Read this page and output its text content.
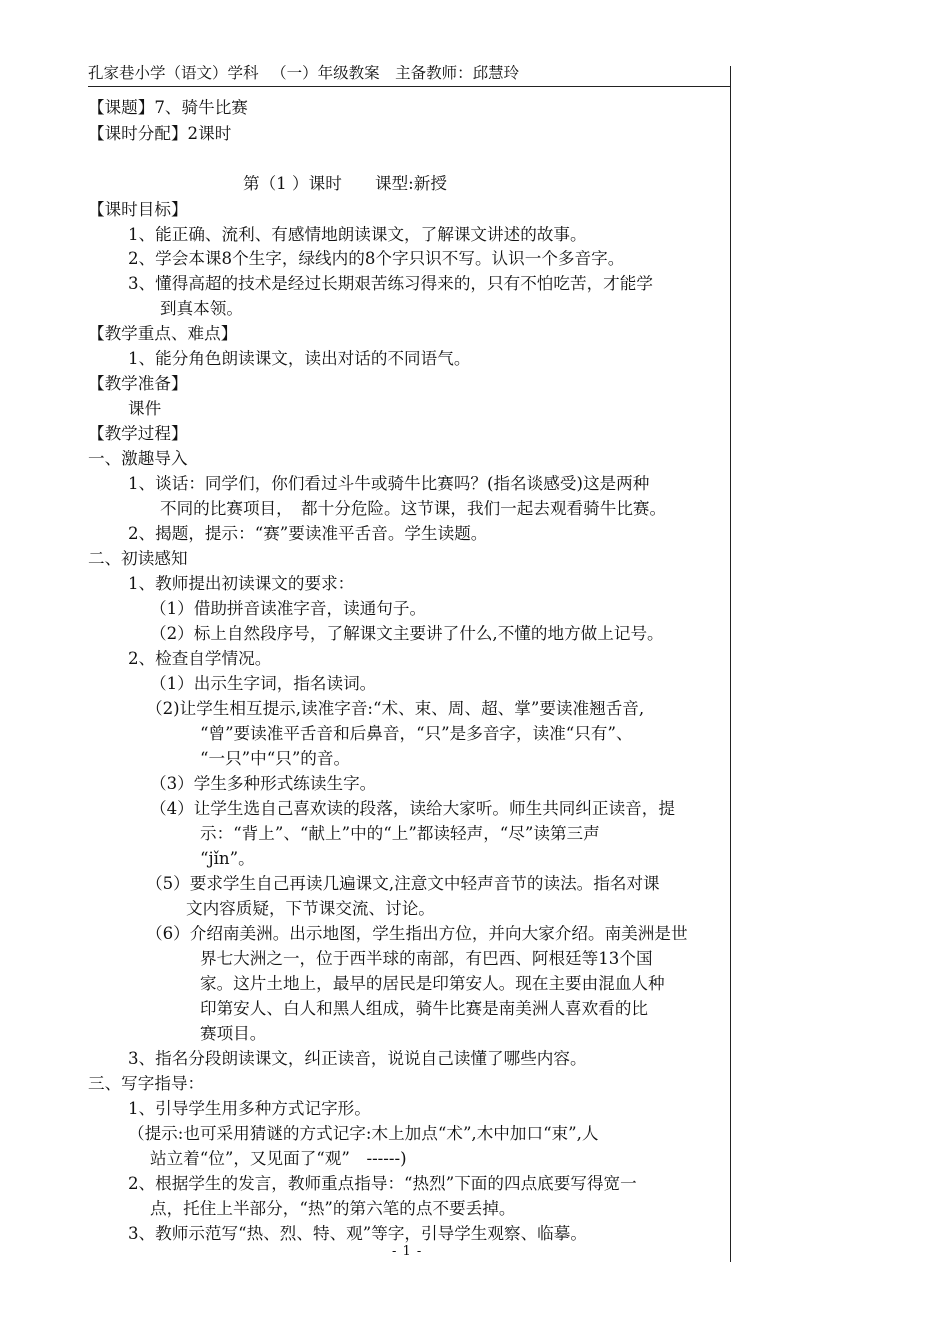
孔家巷小学（语文）学科 　（一）年级教案　主备教师：邱慧玲
【课题】7、骑牛比赛
【课时分配】2课时
第（1 ）课时　　课型:新授
【课时目标】
1、能正确、流利、有感情地朗读课文，了解课文讲述的故事。
2、学会本课8个生字，绿线内的8个字只识不写。认识一个多音字。
3、懂得高超的技术是经过长期艰苦练习得来的，只有不怕吃苦，才能学
到真本领。
【教学重点、难点】
1、能分角色朗读课文，读出对话的不同语气。
【教学准备】
课件
【教学过程】
一、激趣导入
1、谈话：同学们，你们看过斗牛或骑牛比赛吗？(指名谈感受)这是两种
不同的比赛项目，　都十分危险。这节课，我们一起去观看骑牛比赛。
2、揭题，提示：“赛”要读准平舌音。学生读题。
二、初读感知
1、教师提出初读课文的要求：
（1）借助拼音读准字音，读通句子。
（2）标上自然段序号，了解课文主要讲了什么,不懂的地方做上记号。
2、检查自学情况。
（1）出示生字词，指名读词。
（2)让学生相互提示,读准字音:“术、束、周、超、掌”要读准翘舌音,
“曾”要读准平舌音和后鼻音，“只”是多音字，读准“只有”、
“一只”中“只”的音。
（3）学生多种形式练读生字。
（4）让学生选自己喜欢读的段落，读给大家听。师生共同纠正读音，提
示：“背上”、“献上”中的“上”都读轻声，“尽”读第三声
“jǐn”。
（5）要求学生自己再读几遍课文,注意文中轻声音节的读法。指名对课
文内容质疑，下节课交流、讨论。
（6）介绍南美洲。出示地图，学生指出方位，并向大家介绍。南美洲是世
界七大洲之一，位于西半球的南部，有巴西、阿根廷等13个国
家。这片土地上，最早的居民是印第安人。现在主要由混血人种
印第安人、白人和黑人组成，骑牛比赛是南美洲人喜欢看的比
赛项目。
3、指名分段朗读课文，纠正读音，说说自己读懂了哪些内容。
三、写字指导：
1、引导学生用多种方式记字形。
（提示:也可采用猜谜的方式记字:木上加点“术”,木中加口“束”,人
站立着“位”，又见面了“观”　------)
2、根据学生的发言，教师重点指导：“热烈”下面的四点底要写得宽一
点，托住上半部分，“热”的第六笔的点不要丢掉。
3、教师示范写“热、烈、特、观”等字，引导学生观察、临摹。
- 1 -
